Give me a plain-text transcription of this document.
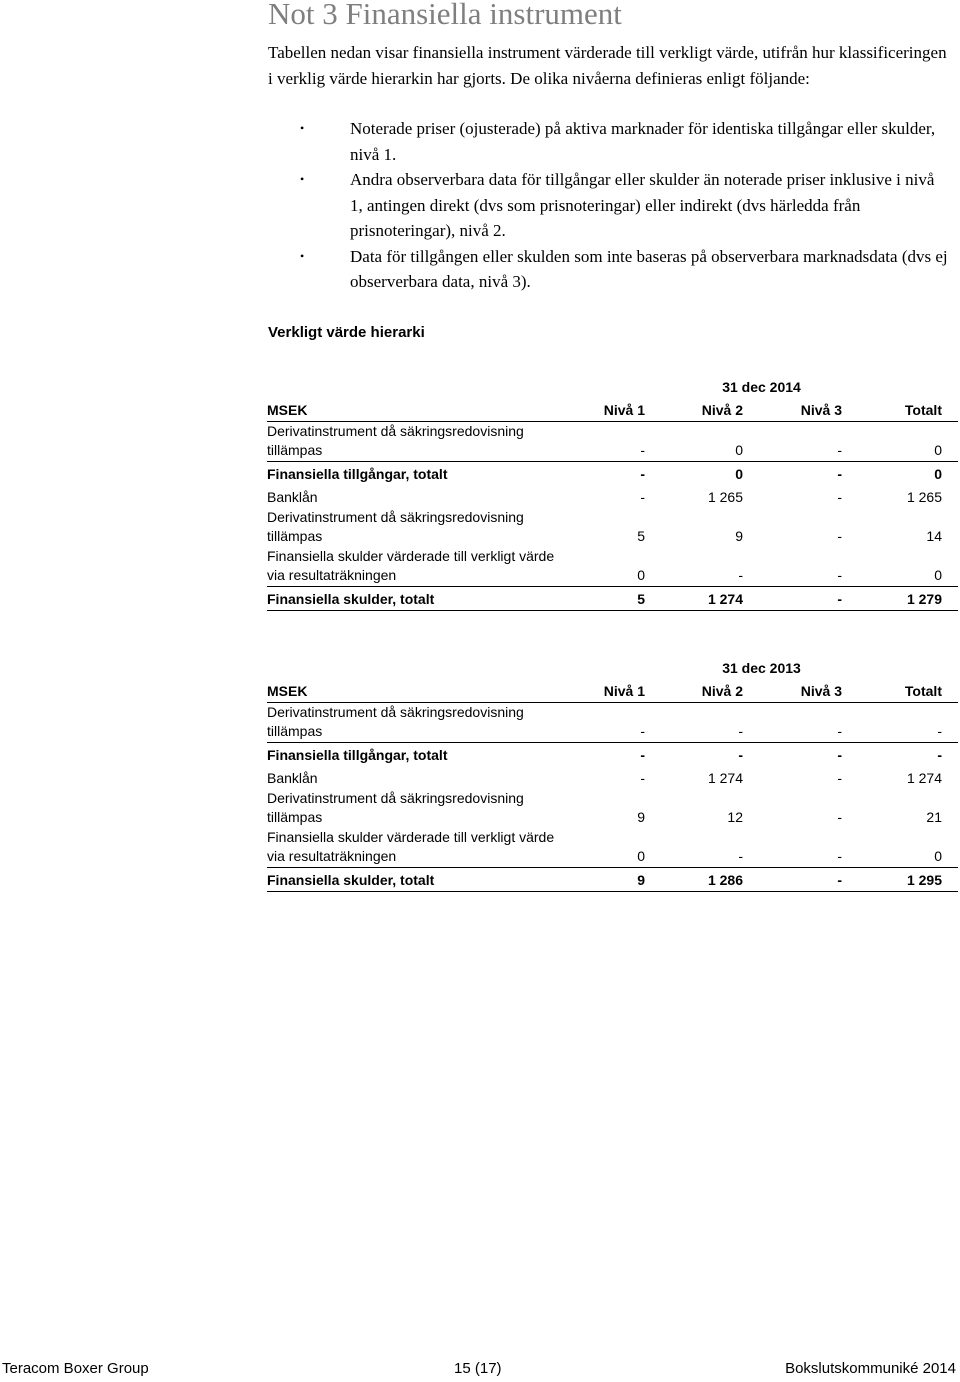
Not 3 Finansiella instrument

Tabellen nedan visar finansiella instrument värderade till verkligt värde, utifrån hur klassificeringen i verklig värde hierarkin har gjorts. De olika nivåerna definieras enligt följande:

•	Noterade priser (ojusterade) på aktiva marknader för identiska tillgångar eller skulder, nivå 1.
•	Andra observerbara data för tillgångar eller skulder än noterade priser inklusive i nivå 1, antingen direkt (dvs som prisnoteringar) eller indirekt (dvs härledda från prisnoteringar), nivå 2.
•	Data för tillgången eller skulden som inte baseras på observerbara marknadsdata (dvs ej observerbara data, nivå 3).
Verkligt värde hierarki
31 dec 2014
MSEK	Nivå 1	Nivå 2	Nivå 3	Totalt
Derivatinstrument då säkringsredovisning tillämpas	-	0	-	0
Finansiella tillgångar, totalt	-	0	-	0
Banklån	-	1 265	-	1 265
Derivatinstrument då säkringsredovisning tillämpas	5	9	-	14
Finansiella skulder värderade till verkligt värde via resultaträkningen	0	-	-	0
Finansiella skulder, totalt	5	1 274	-	1 279
31 dec 2013
MSEK	Nivå 1	Nivå 2	Nivå 3	Totalt
Derivatinstrument då säkringsredovisning tillämpas	-	-	-	-
Finansiella tillgångar, totalt	-	-	-	-
Banklån	-	1 274	-	1 274
Derivatinstrument då säkringsredovisning tillämpas	9	12	-	21
Finansiella skulder värderade till verkligt värde via resultaträkningen	0	-	-	0
Finansiella skulder, totalt	9	1 286	-	1 295
Teracom Boxer Group	15 (17)	Bokslutskommuniké 2014
